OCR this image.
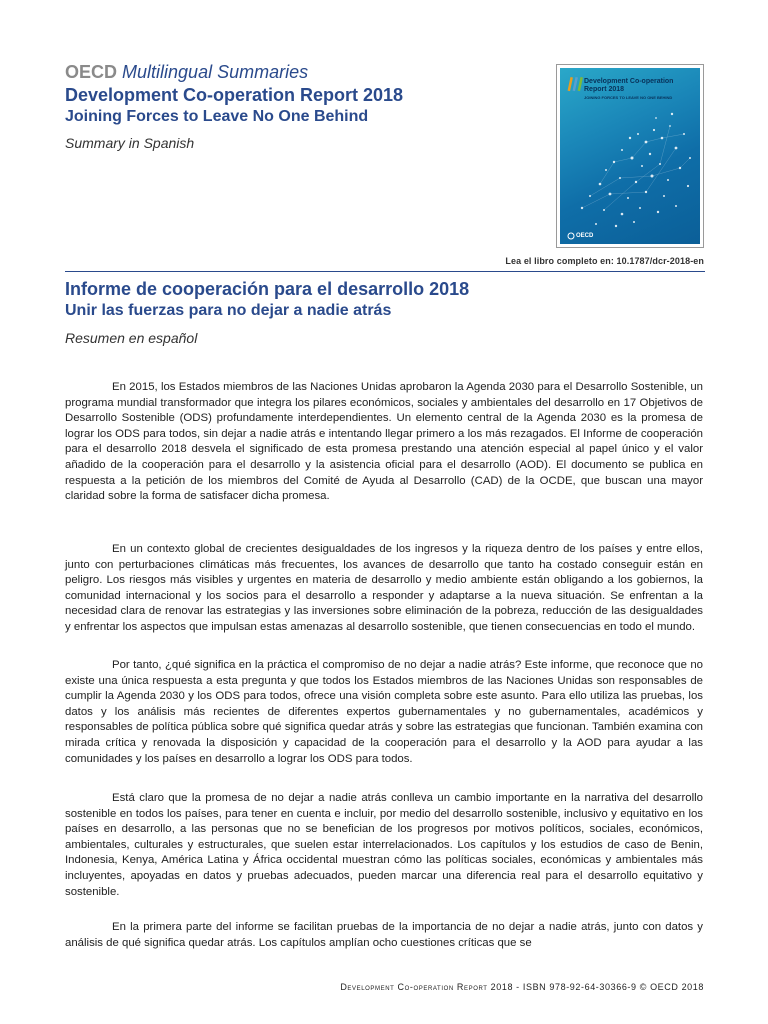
OECD Multilingual Summaries

Development Co-operation Report 2018

Joining Forces to Leave No One Behind

Summary in Spanish

Development Co-operation Report 2018
JOINING FORCES TO LEAVE NO ONE BEHIND
OECD
Lea el libro completo en: 10.1787/dcr-2018-en

Informe de cooperación para el desarrollo 2018

Unir las fuerzas para no dejar a nadie atrás

Resumen en español

En 2015, los Estados miembros de las Naciones Unidas aprobaron la Agenda 2030 para el Desarrollo Sostenible, un programa mundial transformador que integra los pilares económicos, sociales y ambientales del desarrollo en 17 Objetivos de Desarrollo Sostenible (ODS) profundamente interdependientes. Un elemento central de la Agenda 2030 es la promesa de lograr los ODS para todos, sin dejar a nadie atrás e intentando llegar primero a los más rezagados. El Informe de cooperación para el desarrollo 2018 desvela el significado de esta promesa prestando una atención especial al papel único y el valor añadido de la cooperación para el desarrollo y la asistencia oficial para el desarrollo (AOD). El documento se publica en respuesta a la petición de los miembros del Comité de Ayuda al Desarrollo (CAD) de la OCDE, que buscan una mayor claridad sobre la forma de satisfacer dicha promesa.

En un contexto global de crecientes desigualdades de los ingresos y la riqueza dentro de los países y entre ellos, junto con perturbaciones climáticas más frecuentes, los avances de desarrollo que tanto ha costado conseguir están en peligro. Los riesgos más visibles y urgentes en materia de desarrollo y medio ambiente están obligando a los gobiernos, la comunidad internacional y los socios para el desarrollo a responder y adaptarse a la nueva situación. Se enfrentan a la necesidad clara de renovar las estrategias y las inversiones sobre eliminación de la pobreza, reducción de las desigualdades y enfrentar los aspectos que impulsan estas amenazas al desarrollo sostenible, que tienen consecuencias en todo el mundo.

Por tanto, ¿qué significa en la práctica el compromiso de no dejar a nadie atrás? Este informe, que reconoce que no existe una única respuesta a esta pregunta y que todos los Estados miembros de las Naciones Unidas son responsables de cumplir la Agenda 2030 y los ODS para todos, ofrece una visión completa sobre este asunto. Para ello utiliza las pruebas, los datos y los análisis más recientes de diferentes expertos gubernamentales y no gubernamentales, académicos y responsables de política pública sobre qué significa quedar atrás y sobre las estrategias que funcionan. También examina con mirada crítica y renovada la disposición y capacidad de la cooperación para el desarrollo y la AOD para ayudar a las comunidades y los países en desarrollo a lograr los ODS para todos.

Está claro que la promesa de no dejar a nadie atrás conlleva un cambio importante en la narrativa del desarrollo sostenible en todos los países, para tener en cuenta e incluir, por medio del desarrollo sostenible, inclusivo y equitativo en los países en desarrollo, a las personas que no se benefician de los progresos por motivos políticos, sociales, económicos, ambientales, culturales y estructurales, que suelen estar interrelacionados. Los capítulos y los estudios de caso de Benin, Indonesia, Kenya, América Latina y África occidental muestran cómo las políticas sociales, económicas y ambientales más incluyentes, apoyadas en datos y pruebas adecuados, pueden marcar una diferencia real para el desarrollo equitativo y sostenible.

En la primera parte del informe se facilitan pruebas de la importancia de no dejar a nadie atrás, junto con datos y análisis de qué significa quedar atrás. Los capítulos amplían ocho cuestiones críticas que se

Development Co-operation Report 2018 - ISBN 978-92-64-30366-9 © OECD 2018
